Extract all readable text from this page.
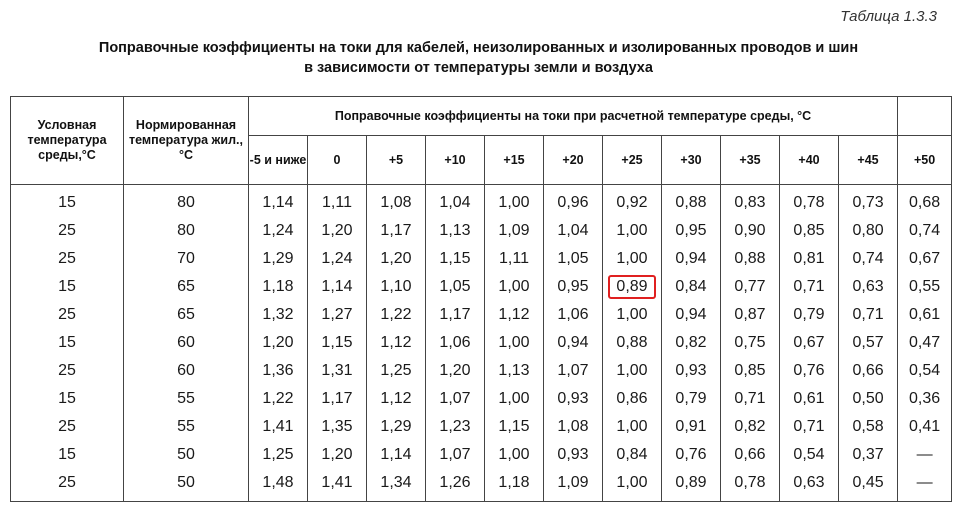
Таблица 1.3.3
Поправочные коэффициенты на токи для кабелей, неизолированных и изолированных проводов и шин
в зависимости от температуры земли и воздуха
Условная температура среды,°С	Нормированная температура жил., °С	Поправочные коэффициенты на токи при расчетной температуре среды, °С											
		-5 и ниже	0	+5	+10	+15	+20	+25	+30	+35	+40	+45	+50
15	80	1,14	1,11	1,08	1,04	1,00	0,96	0,92	0,88	0,83	0,78	0,73	0,68
25	80	1,24	1,20	1,17	1,13	1,09	1,04	1,00	0,95	0,90	0,85	0,80	0,74
25	70	1,29	1,24	1,20	1,15	1,11	1,05	1,00	0,94	0,88	0,81	0,74	0,67
15	65	1,18	1,14	1,10	1,05	1,00	0,95	0,89	0,84	0,77	0,71	0,63	0,55
25	65	1,32	1,27	1,22	1,17	1,12	1,06	1,00	0,94	0,87	0,79	0,71	0,61
15	60	1,20	1,15	1,12	1,06	1,00	0,94	0,88	0,82	0,75	0,67	0,57	0,47
25	60	1,36	1,31	1,25	1,20	1,13	1,07	1,00	0,93	0,85	0,76	0,66	0,54
15	55	1,22	1,17	1,12	1,07	1,00	0,93	0,86	0,79	0,71	0,61	0,50	0,36
25	55	1,41	1,35	1,29	1,23	1,15	1,08	1,00	0,91	0,82	0,71	0,58	0,41
15	50	1,25	1,20	1,14	1,07	1,00	0,93	0,84	0,76	0,66	0,54	0,37	—
25	50	1,48	1,41	1,34	1,26	1,18	1,09	1,00	0,89	0,78	0,63	0,45	—
